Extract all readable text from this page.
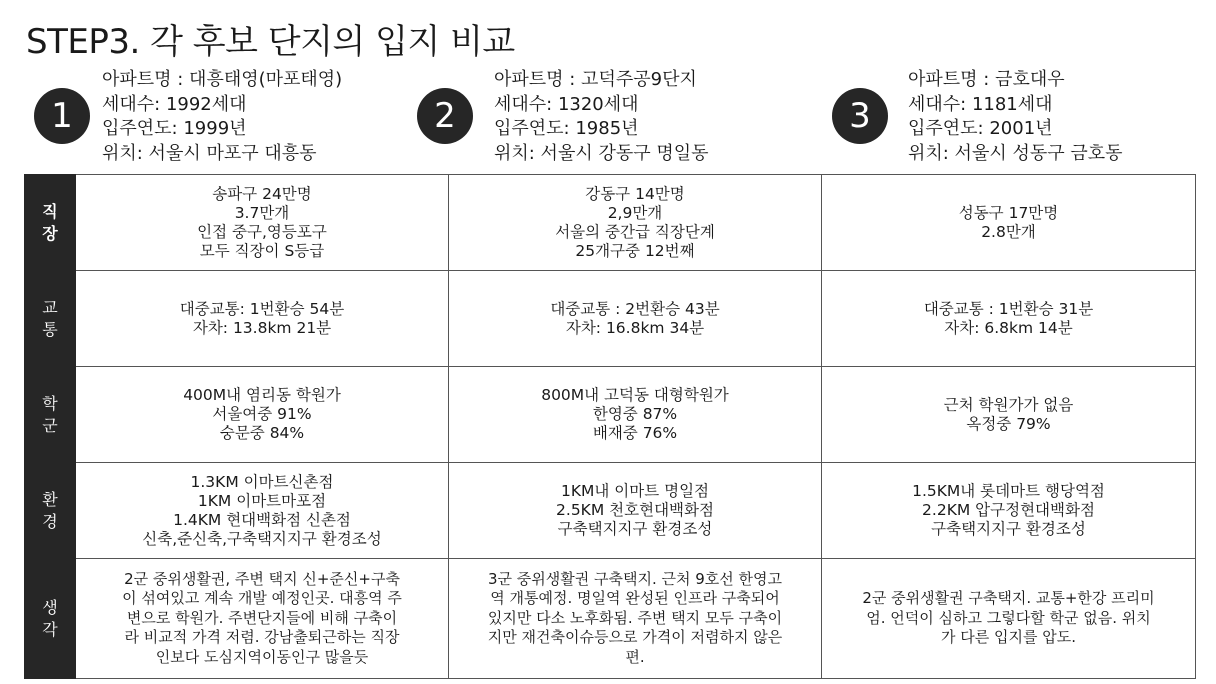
STEP3. 각 후보 단지의 입지 비교
1
아파트명 : 대흥태영(마포태영)
세대수: 1992세대
입주연도: 1999년
위치: 서울시 마포구 대흥동
2
아파트명 : 고덕주공9단지
세대수: 1320세대
입주연도: 1985년
위치: 서울시 강동구 명일동
3
아파트명 : 금호대우
세대수: 1181세대
입주연도: 2001년
위치: 서울시 성동구 금호동
직
장	송파구 24만명
3.7만개
인접 중구,영등포구
모두 직장이 S등급	강동구 14만명
2,9만개
서울의 중간급 직장단계
25개구중 12번째	성동구 17만명
2.8만개

교
통	대중교통: 1번환승 54분
자차: 13.8km 21분	대중교통 : 2번환승 43분
자차: 16.8km 34분	대중교통 : 1번환승 31분
자차: 6.8km 14분

학
군	400M내 염리동 학원가
서울여중 91%
숭문중 84%	800M내 고덕동 대형학원가
한영중 87%
배재중 76%	근처 학원가가 없음
옥정중 79%

환
경	1.3KM 이마트신촌점
1KM 이마트마포점
1.4KM 현대백화점 신촌점
신축,준신축,구축택지지구 환경조성	1KM내 이마트 명일점
2.5KM 천호현대백화점
구축택지지구 환경조성	1.5KM내 롯데마트 행당역점
2.2KM 압구정현대백화점
구축택지지구 환경조성

생
각	2군 중위생활권, 주변 택지 신+준신+구축
이 섞여있고 계속 개발 예정인곳. 대흥역 주
변으로 학원가. 주변단지들에 비해 구축이
라 비교적 가격 저렴. 강남출퇴근하는 직장
인보다 도심지역이동인구 많을듯	3군 중위생활권 구축택지. 근처 9호선 한영고
역 개통예정. 명일역 완성된 인프라 구축되어
있지만 다소 노후화됨. 주변 택지 모두 구축이
지만 재건축이슈등으로 가격이 저렴하지 않은
편.	2군 중위생활권 구축택지. 교통+한강 프리미
엄. 언덕이 심하고 그렇다할 학군 없음. 위치
가 다른 입지를 압도.
